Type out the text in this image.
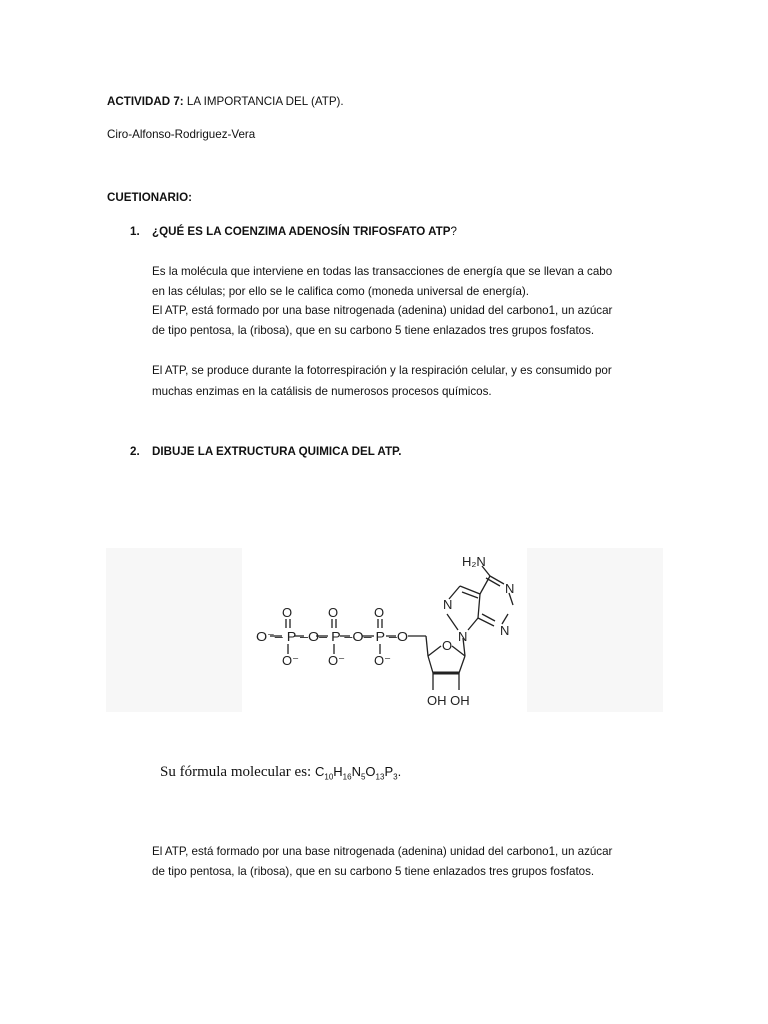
ACTIVIDAD 7: LA IMPORTANCIA DEL (ATP).
Ciro-Alfonso-Rodriguez-Vera
CUETIONARIO:
1. ¿QUÉ ES LA COENZIMA ADENOSÍN TRIFOSFATO ATP?
Es la molécula que interviene en todas las transacciones de energía que se llevan a cabo
en las células; por ello se le califica como (moneda universal de energía).
El ATP, está formado por una base nitrogenada (adenina) unidad del carbono1, un azúcar
de tipo pentosa, la (ribosa), que en su carbono 5 tiene enlazados tres grupos fosfatos.
El ATP, se produce durante la fotorrespiración y la respiración celular, y es consumido por
muchas enzimas en la catálisis de numerosos procesos químicos.
2. DIBUJE LA EXTRUCTURA QUIMICA DEL ATP.
O	O	O
O⁻ O⁻ O⁻
O⁻– P –O– P –O– P –O
O
OH OH
N
N
N
N
H₂N
Su fórmula molecular es: $C_{10}H_{16}N_5O_{13}P_3$.
El ATP, está formado por una base nitrogenada (adenina) unidad del carbono1, un azúcar
de tipo pentosa, la (ribosa), que en su carbono 5 tiene enlazados tres grupos fosfatos.
